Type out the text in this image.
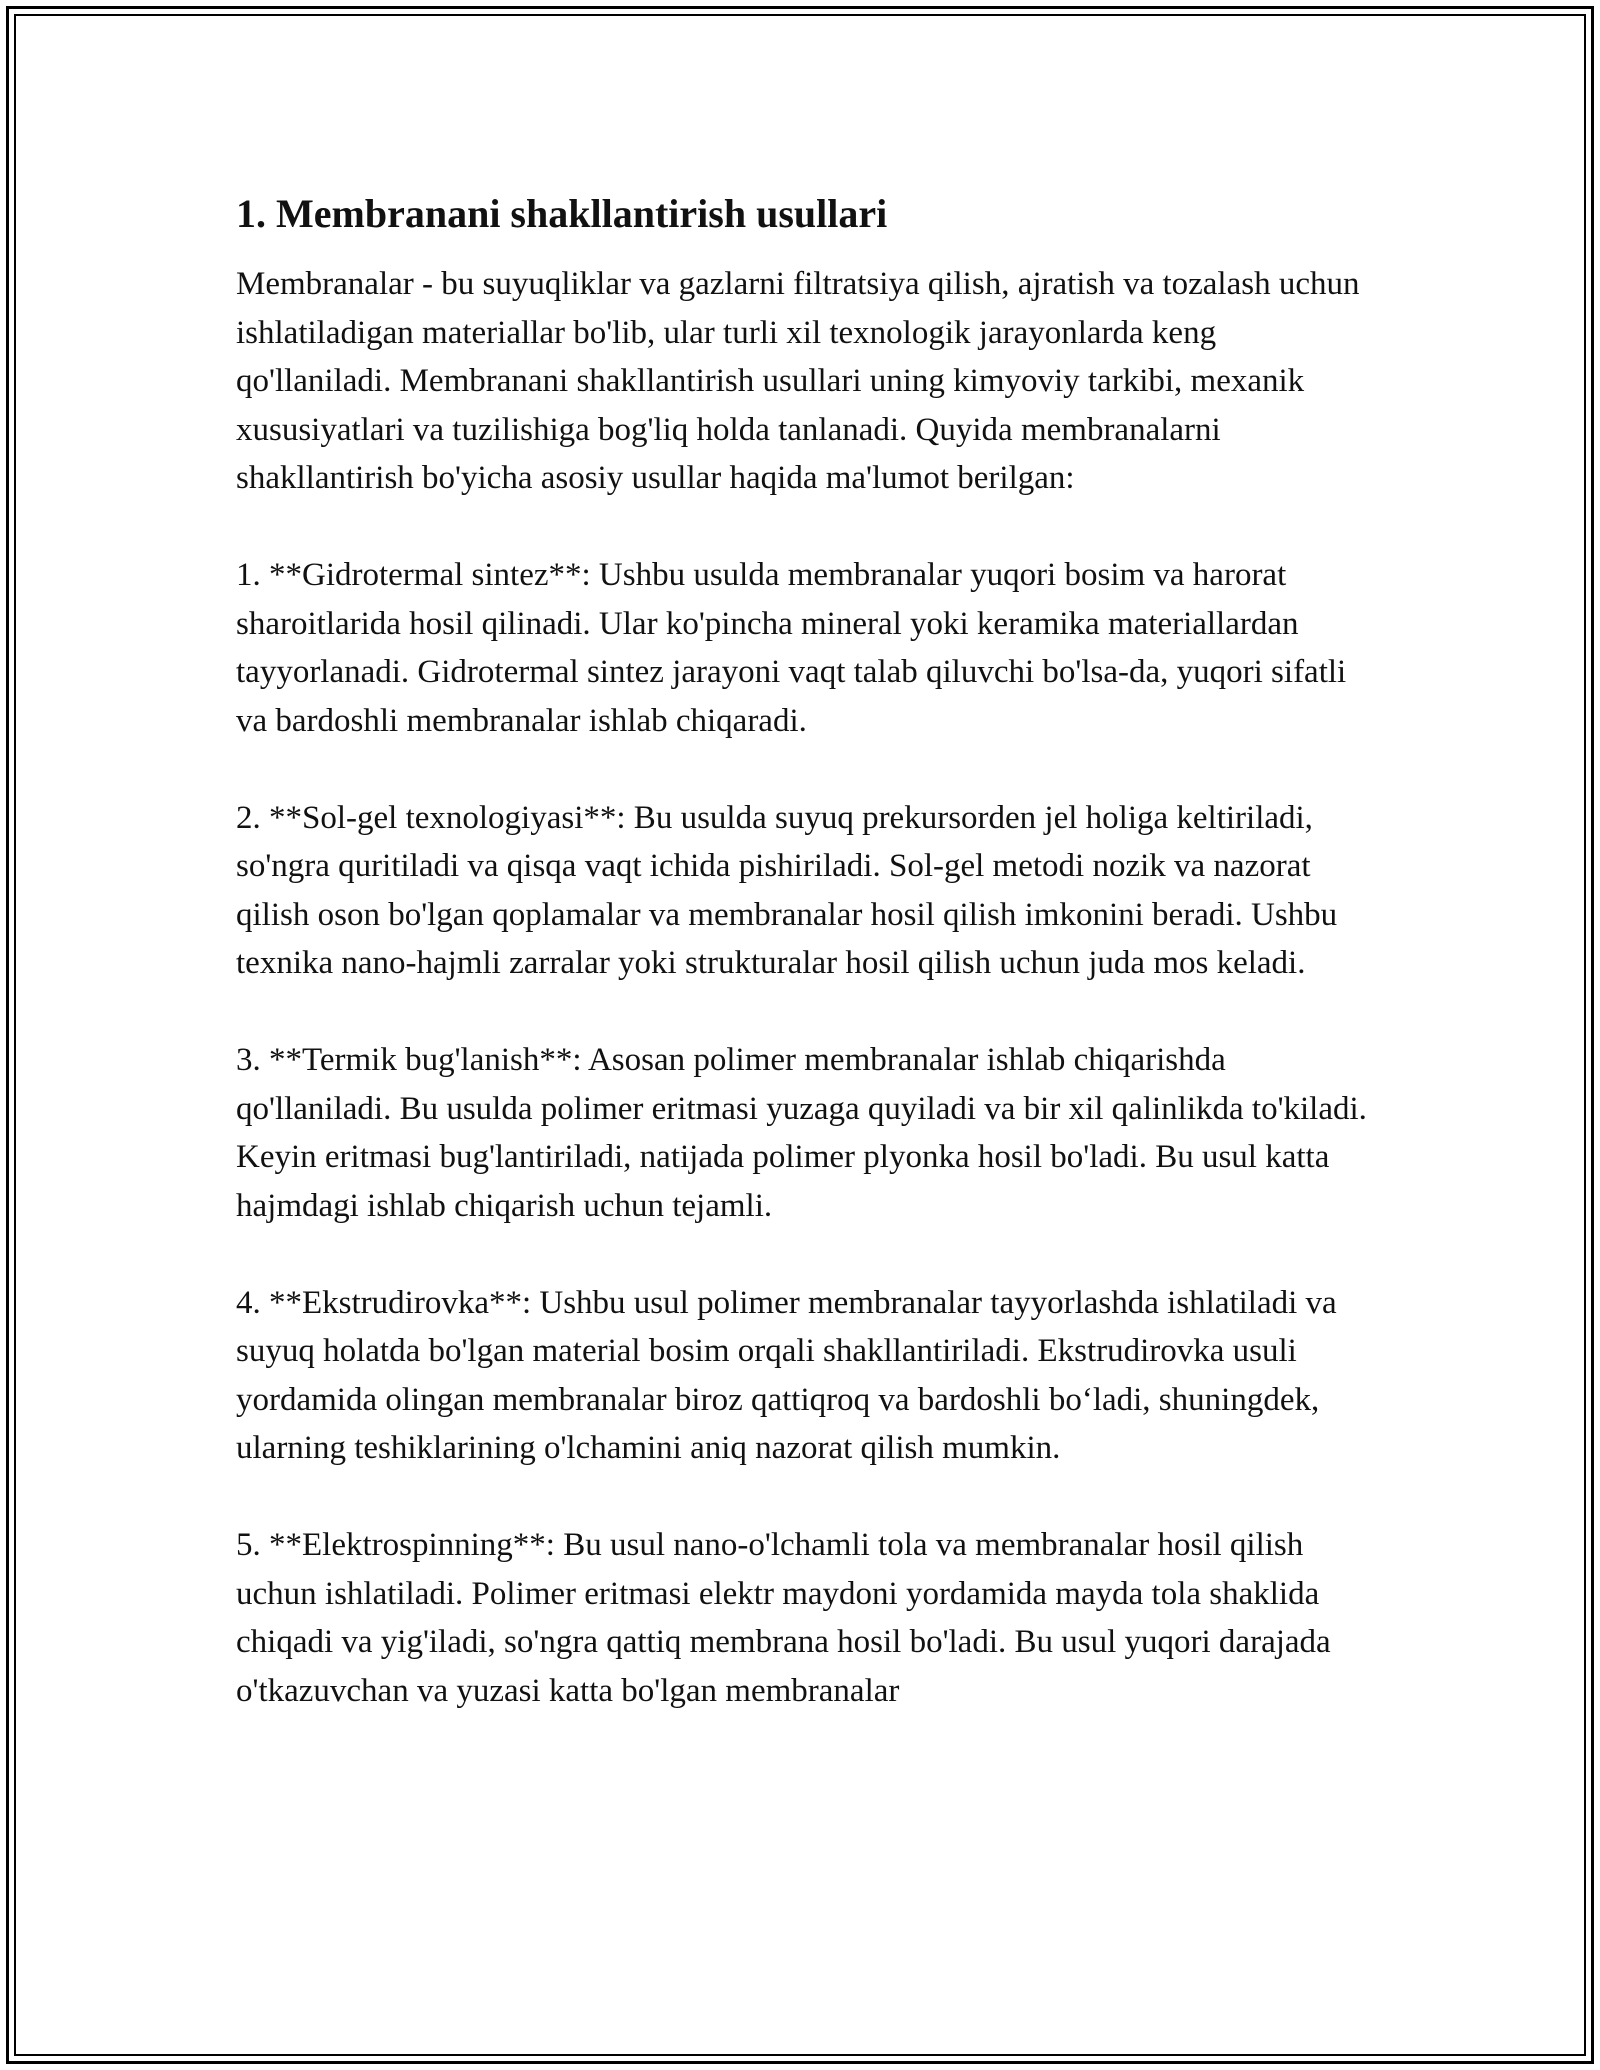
1. Membranani shakllantirish usullari

Membranalar - bu suyuqliklar va gazlarni filtratsiya qilish, ajratish va tozalash uchun ishlatiladigan materiallar bo'lib, ular turli xil texnologik jarayonlarda keng qo'llaniladi. Membranani shakllantirish usullari uning kimyoviy tarkibi, mexanik xususiyatlari va tuzilishiga bog'liq holda tanlanadi. Quyida membranalarni shakllantirish bo'yicha asosiy usullar haqida ma'lumot berilgan:

1. **Gidrotermal sintez**: Ushbu usulda membranalar yuqori bosim va harorat sharoitlarida hosil qilinadi. Ular ko'pincha mineral yoki keramika materiallardan tayyorlanadi. Gidrotermal sintez jarayoni vaqt talab qiluvchi bo'lsa-da, yuqori sifatli va bardoshli membranalar ishlab chiqaradi.

2. **Sol-gel texnologiyasi**: Bu usulda suyuq prekursorden jel holiga keltiriladi, so'ngra quritiladi va qisqa vaqt ichida pishiriladi. Sol-gel metodi nozik va nazorat qilish oson bo'lgan qoplamalar va membranalar hosil qilish imkonini beradi. Ushbu texnika nano-hajmli zarralar yoki strukturalar hosil qilish uchun juda mos keladi.

3. **Termik bug'lanish**: Asosan polimer membranalar ishlab chiqarishda qo'llaniladi. Bu usulda polimer eritmasi yuzaga quyiladi va bir xil qalinlikda to'kiladi. Keyin eritmasi bug'lantiriladi, natijada polimer plyonka hosil bo'ladi. Bu usul katta hajmdagi ishlab chiqarish uchun tejamli.

4. **Ekstrudirovka**: Ushbu usul polimer membranalar tayyorlashda ishlatiladi va suyuq holatda bo'lgan material bosim orqali shakllantiriladi. Ekstrudirovka usuli yordamida olingan membranalar biroz qattiqroq va bardoshli bo‘ladi, shuningdek, ularning teshiklarining o'lchamini aniq nazorat qilish mumkin.

5. **Elektrospinning**: Bu usul nano-o'lchamli tola va membranalar hosil qilish uchun ishlatiladi. Polimer eritmasi elektr maydoni yordamida mayda tola shaklida chiqadi va yig'iladi, so'ngra qattiq membrana hosil bo'ladi. Bu usul yuqori darajada o'tkazuvchan va yuzasi katta bo'lgan membranalar
